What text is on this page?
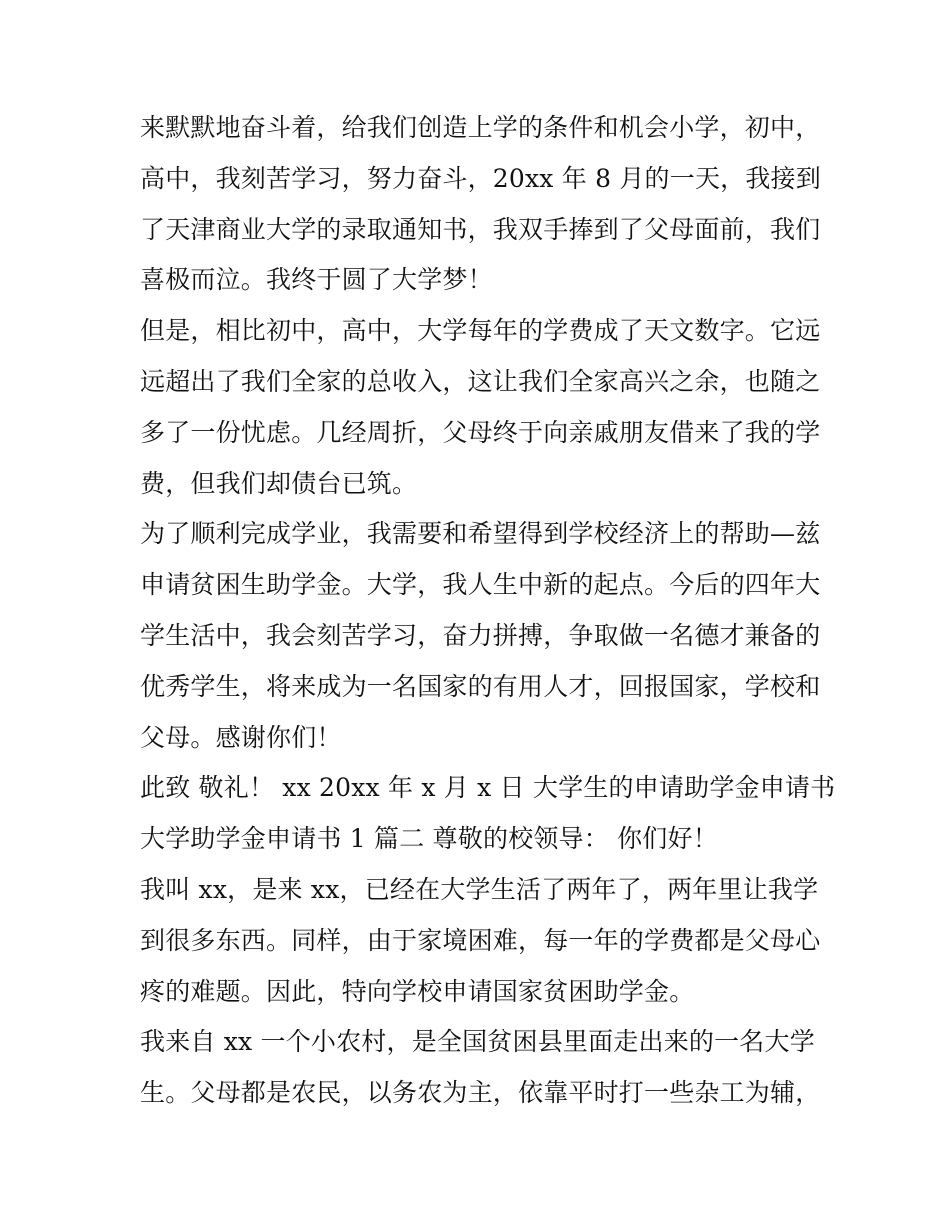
来默默地奋斗着，给我们创造上学的条件和机会小学，初中，
高中，我刻苦学习，努力奋斗，20xx 年 8 月的一天，我接到
了天津商业大学的录取通知书，我双手捧到了父母面前，我们
喜极而泣。我终于圆了大学梦！
但是，相比初中，高中，大学每年的学费成了天文数字。它远
远超出了我们全家的总收入，这让我们全家高兴之余，也随之
多了一份忧虑。几经周折，父母终于向亲戚朋友借来了我的学
费，但我们却债台已筑。
为了顺利完成学业，我需要和希望得到学校经济上的帮助—兹
申请贫困生助学金。大学，我人生中新的起点。今后的四年大
学生活中，我会刻苦学习，奋力拼搏，争取做一名德才兼备的
优秀学生，将来成为一名国家的有用人才，回报国家，学校和
父母。感谢你们！
此致 敬礼！ xx 20xx 年 x 月 x 日 大学生的申请助学金申请书
大学助学金申请书 1 篇二 尊敬的校领导： 你们好！
我叫 xx，是来 xx，已经在大学生活了两年了，两年里让我学
到很多东西。同样，由于家境困难，每一年的学费都是父母心
疼的难题。因此，特向学校申请国家贫困助学金。
我来自 xx 一个小农村，是全国贫困县里面走出来的一名大学
生。父母都是农民，以务农为主，依靠平时打一些杂工为辅，
